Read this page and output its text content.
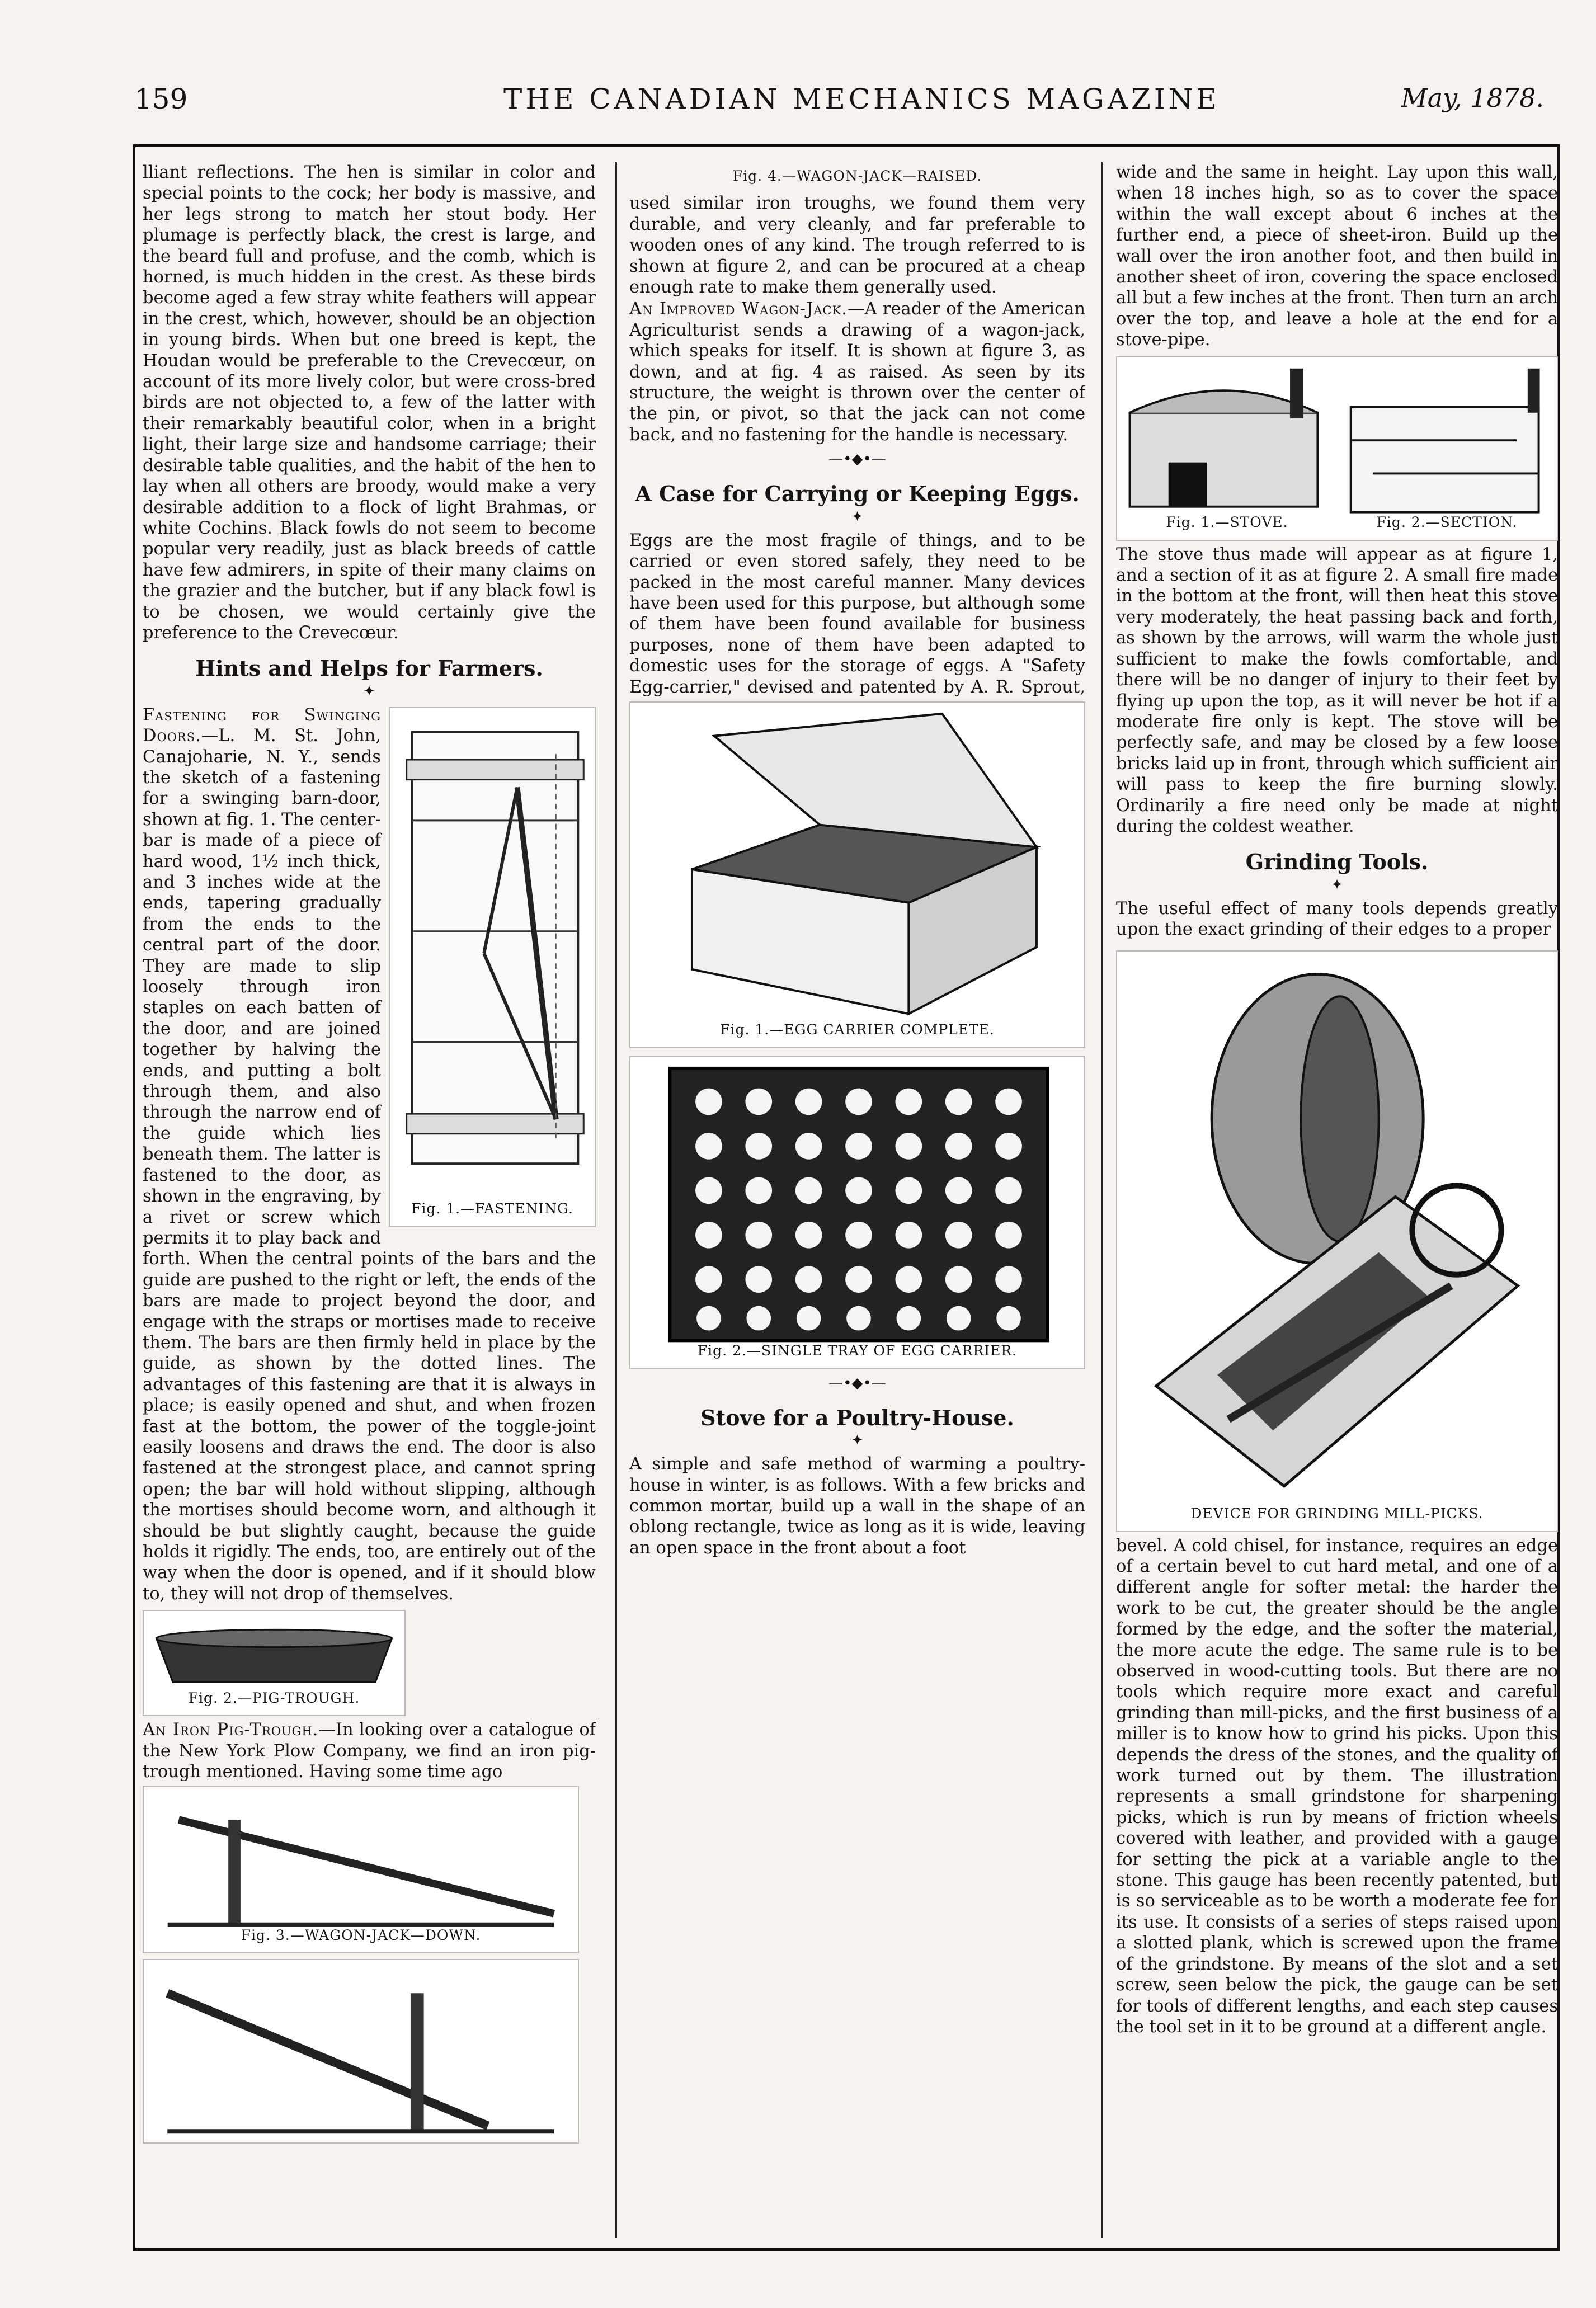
159	THE CANADIAN MECHANICS MAGAZINE	May, 1878.

lliant reflections. The hen is similar in color and special points to the cock; her body is massive, and her legs strong to match her stout body. Her plumage is perfectly black, the crest is large, and the beard full and profuse, and the comb, which is horned, is much hidden in the crest. As these birds become aged a few stray white feathers will appear in the crest, which, however, should be an objection in young birds. When but one breed is kept, the Houdan would be preferable to the Crevecœur, on account of its more lively color, but were cross-bred birds are not objected to, a few of the latter with their remarkably beautiful color, when in a bright light, their large size and handsome carriage; their desirable table qualities, and the habit of the hen to lay when all others are broody, would make a very desirable addition to a flock of light Brahmas, or white Cochins. Black fowls do not seem to become popular very readily, just as black breeds of cattle have few admirers, in spite of their many claims on the grazier and the butcher, but if any black fowl is to be chosen, we would certainly give the preference to the Crevecœur.

Hints and Helps for Farmers.
✦
Fig. 1.—FASTENING.

Fastening for Swinging Doors.—L. M. St. John, Canajoharie, N. Y., sends the sketch of a fastening for a swinging barn-door, shown at fig. 1. The center-bar is made of a piece of hard wood, 1½ inch thick, and 3 inches wide at the ends, tapering gradually from the ends to the central part of the door. They are made to slip loosely through iron staples on each batten of the door, and are joined together by halving the ends, and putting a bolt through them, and also through the narrow end of the guide which lies beneath them. The latter is fastened to the door, as shown in the engraving, by a rivet or screw which permits it to play back and forth. When the central points of the bars and the guide are pushed to the right or left, the ends of the bars are made to project beyond the door, and engage with the straps or mortises made to receive them. The bars are then firmly held in place by the guide, as shown by the dotted lines. The advantages of this fastening are that it is always in place; is easily opened and shut, and when frozen fast at the bottom, the power of the toggle-joint easily loosens and draws the end. The door is also fastened at the strongest place, and cannot spring open; the bar will hold without slipping, although the mortises should become worn, and although it should be but slightly caught, because the guide holds it rigidly. The ends, too, are entirely out of the way when the door is opened, and if it should blow to, they will not drop of themselves.

Fig. 2.—PIG-TROUGH.

An Iron Pig-Trough.—In looking over a catalogue of the New York Plow Company, we find an iron pig-trough mentioned. Having some time ago

Fig. 3.—WAGON-JACK—DOWN.
Fig. 4.—WAGON-JACK—RAISED.

used similar iron troughs, we found them very durable, and very cleanly, and far preferable to wooden ones of any kind. The trough referred to is shown at figure 2, and can be procured at a cheap enough rate to make them generally used.

An Improved Wagon-Jack.—A reader of the American Agriculturist sends a drawing of a wagon-jack, which speaks for itself. It is shown at figure 3, as down, and at fig. 4 as raised. As seen by its structure, the weight is thrown over the center of the pin, or pivot, so that the jack can not come back, and no fastening for the handle is necessary.

—•◆•—
A Case for Carrying or Keeping Eggs.
✦

Eggs are the most fragile of things, and to be carried or even stored safely, they need to be packed in the most careful manner. Many devices have been used for this purpose, but although some of them have been found available for business purposes, none of them have been adapted to domestic uses for the storage of eggs. A "Safety Egg-carrier," devised and patented by A. R. Sprout,

Fig. 1.—EGG CARRIER COMPLETE.
Fig. 2.—SINGLE TRAY OF EGG CARRIER.
—•◆•—
Stove for a Poultry-House.
✦

A simple and safe method of warming a poultry-house in winter, is as follows. With a few bricks and common mortar, build up a wall in the shape of an oblong rectangle, twice as long as it is wide, leaving an open space in the front about a foot

wide and the same in height. Lay upon this wall, when 18 inches high, so as to cover the space within the wall except about 6 inches at the further end, a piece of sheet-iron. Build up the wall over the iron another foot, and then build in another sheet of iron, covering the space enclosed all but a few inches at the front. Then turn an arch over the top, and leave a hole at the end for a stove-pipe.

Fig. 1.—STOVE.	Fig. 2.—SECTION.

The stove thus made will appear as at figure 1, and a section of it as at figure 2. A small fire made in the bottom at the front, will then heat this stove very moderately, the heat passing back and forth, as shown by the arrows, will warm the whole just sufficient to make the fowls comfortable, and there will be no danger of injury to their feet by flying up upon the top, as it will never be hot if a moderate fire only is kept. The stove will be perfectly safe, and may be closed by a few loose bricks laid up in front, through which sufficient air will pass to keep the fire burning slowly. Ordinarily a fire need only be made at night during the coldest weather.

Grinding Tools.
✦

The useful effect of many tools depends greatly upon the exact grinding of their edges to a proper

DEVICE FOR GRINDING MILL-PICKS.

bevel. A cold chisel, for instance, requires an edge of a certain bevel to cut hard metal, and one of a different angle for softer metal: the harder the work to be cut, the greater should be the angle formed by the edge, and the softer the material, the more acute the edge. The same rule is to be observed in wood-cutting tools. But there are no tools which require more exact and careful grinding than mill-picks, and the first business of a miller is to know how to grind his picks. Upon this depends the dress of the stones, and the quality of work turned out by them. The illustration represents a small grindstone for sharpening picks, which is run by means of friction wheels covered with leather, and provided with a gauge for setting the pick at a variable angle to the stone. This gauge has been recently patented, but is so serviceable as to be worth a moderate fee for its use. It consists of a series of steps raised upon a slotted plank, which is screwed upon the frame of the grindstone. By means of the slot and a set screw, seen below the pick, the gauge can be set for tools of different lengths, and each step causes the tool set in it to be ground at a different angle.
